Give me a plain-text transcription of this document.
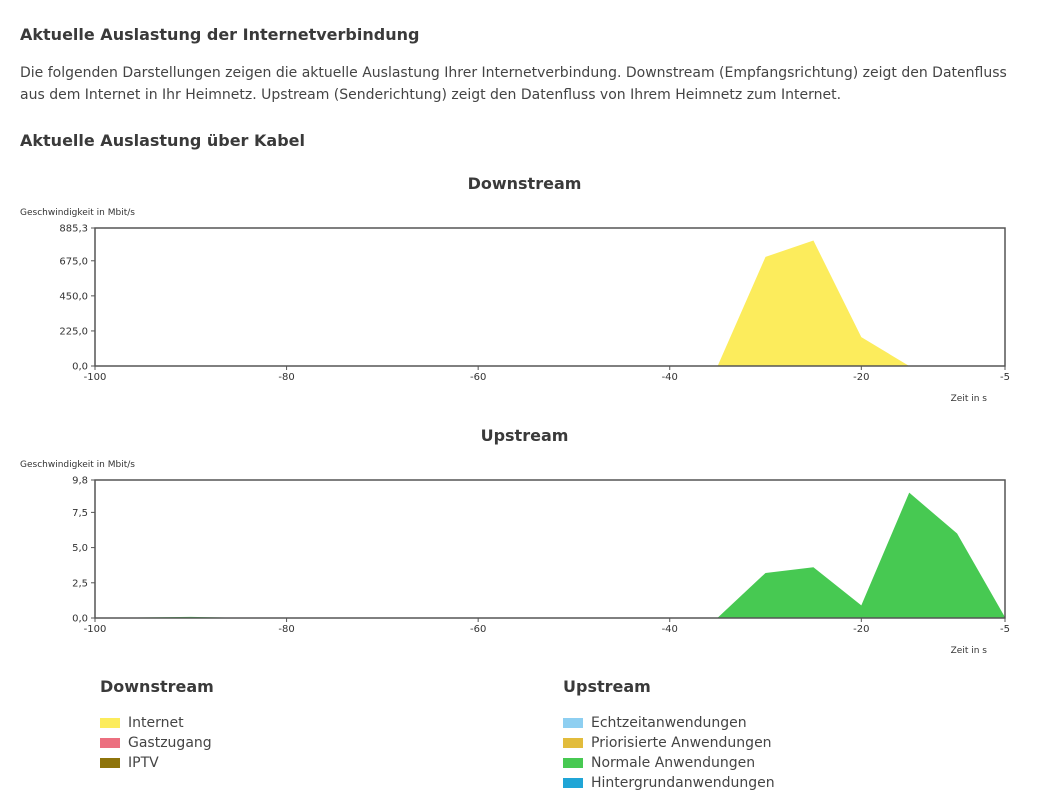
Aktuelle Auslastung der Internetverbindung
Die folgenden Darstellungen zeigen die aktuelle Auslastung Ihrer Internetverbindung. Downstream (Empfangsrichtung) zeigt den Datenfluss aus dem Internet in Ihr Heimnetz. Upstream (Senderichtung) zeigt den Datenfluss von Ihrem Heimnetz zum Internet.
Aktuelle Auslastung über Kabel
Downstream
Geschwindigkeit in Mbit/s
0,0
225,0
450,0
675,0
885,3
-100	-80	-60	-40	-20	-5
Zeit in s
Upstream
Geschwindigkeit in Mbit/s
0,0
2,5
5,0
7,5
9,8
-100	-80	-60	-40	-20	-5
Zeit in s
Downstream
Internet
Gastzugang
IPTV
Upstream
Echtzeitanwendungen
Priorisierte Anwendungen
Normale Anwendungen
Hintergrundanwendungen
